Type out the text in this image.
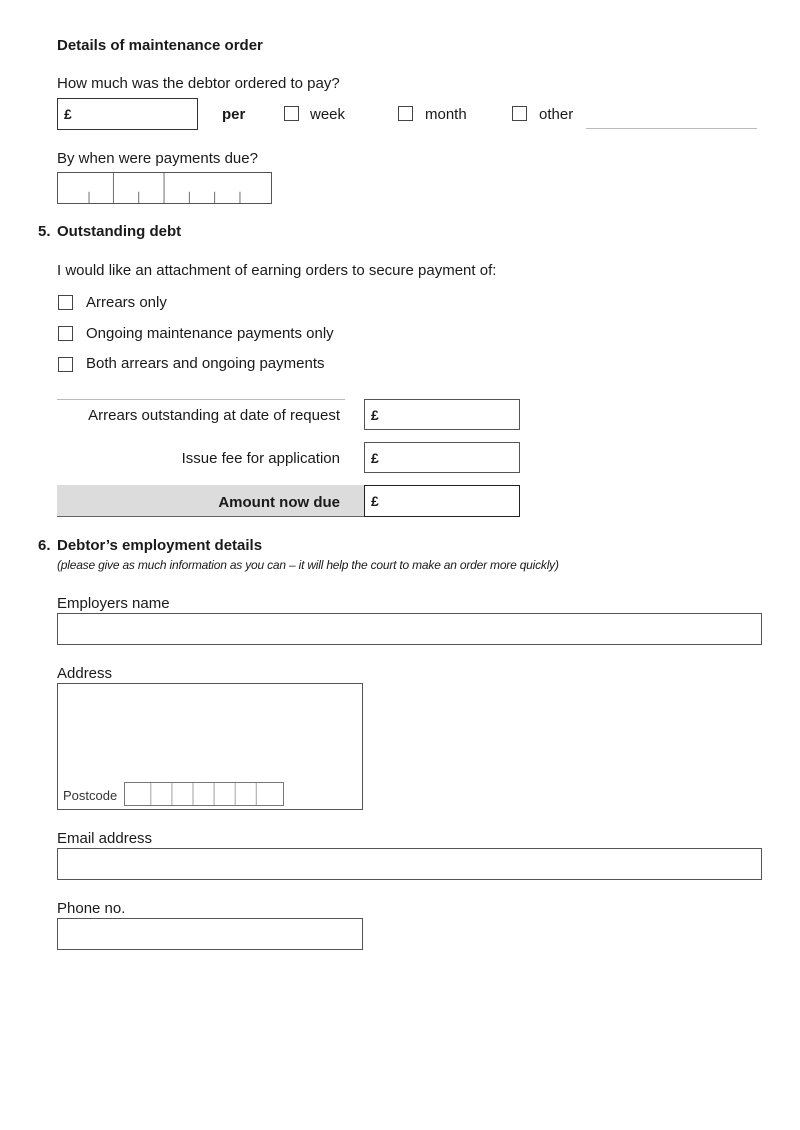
Details of maintenance order
How much was the debtor ordered to pay?
£	per	week	month	other
By when were payments due?
5. Outstanding debt
I would like an attachment of earning orders to secure payment of:
Arrears only
Ongoing maintenance payments only
Both arrears and ongoing payments
Arrears outstanding at date of request £
Issue fee for application £
Amount now due £
6. Debtor’s employment details
(please give as much information as you can – it will help the court to make an order more quickly)
Employers name
Address
Postcode
Email address
Phone no.
